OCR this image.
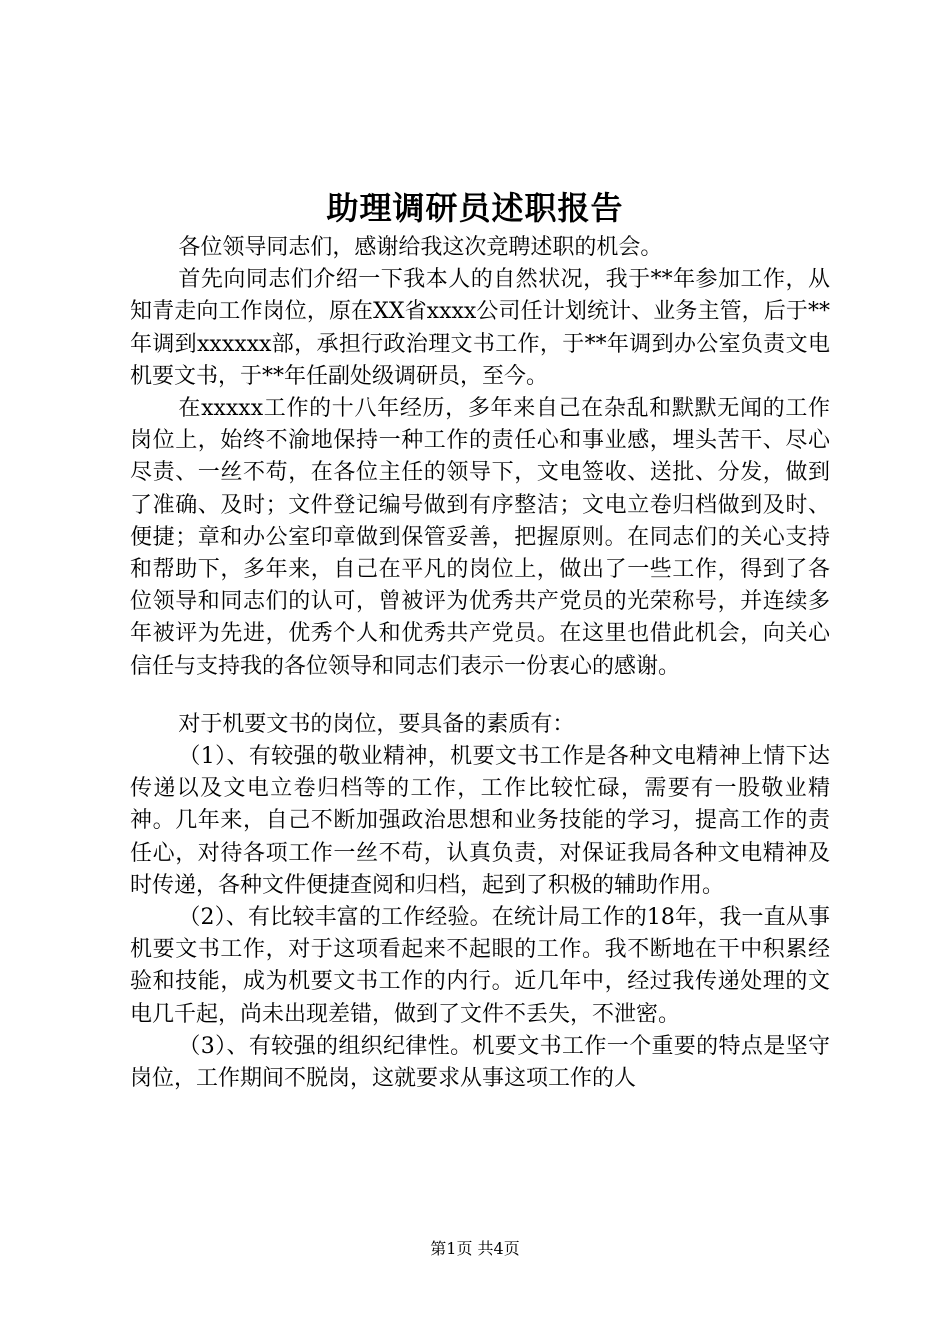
助理调研员述职报告

各位领导同志们，感谢给我这次竞聘述职的机会。

首先向同志们介绍一下我本人的自然状况，我于**年参加工作，从知青走向工作岗位，原在XX省xxxx公司任计划统计、业务主管，后于**年调到xxxxxx部，承担行政治理文书工作，于**年调到办公室负责文电机要文书，于**年任副处级调研员，至今。

在xxxxx工作的十八年经历，多年来自己在杂乱和默默无闻的工作岗位上，始终不渝地保持一种工作的责任心和事业感，埋头苦干、尽心尽责、一丝不苟，在各位主任的领导下，文电签收、送批、分发，做到了准确、及时；文件登记编号做到有序整洁；文电立卷归档做到及时、便捷；章和办公室印章做到保管妥善，把握原则。在同志们的关心支持和帮助下，多年来，自己在平凡的岗位上，做出了一些工作，得到了各位领导和同志们的认可，曾被评为优秀共产党员的光荣称号，并连续多年被评为先进，优秀个人和优秀共产党员。在这里也借此机会，向关心信任与支持我的各位领导和同志们表示一份衷心的感谢。

对于机要文书的岗位，要具备的素质有：

（1）、有较强的敬业精神，机要文书工作是各种文电精神上情下达传递以及文电立卷归档等的工作，工作比较忙碌，需要有一股敬业精神。几年来，自己不断加强政治思想和业务技能的学习，提高工作的责任心，对待各项工作一丝不苟，认真负责，对保证我局各种文电精神及时传递，各种文件便捷查阅和归档，起到了积极的辅助作用。

（2）、有比较丰富的工作经验。在统计局工作的18年，我一直从事机要文书工作，对于这项看起来不起眼的工作。我不断地在干中积累经验和技能，成为机要文书工作的内行。近几年中，经过我传递处理的文电几千起，尚未出现差错，做到了文件不丢失，不泄密。

（3）、有较强的组织纪律性。机要文书工作一个重要的特点是坚守岗位，工作期间不脱岗，这就要求从事这项工作的人

第1页 共4页
